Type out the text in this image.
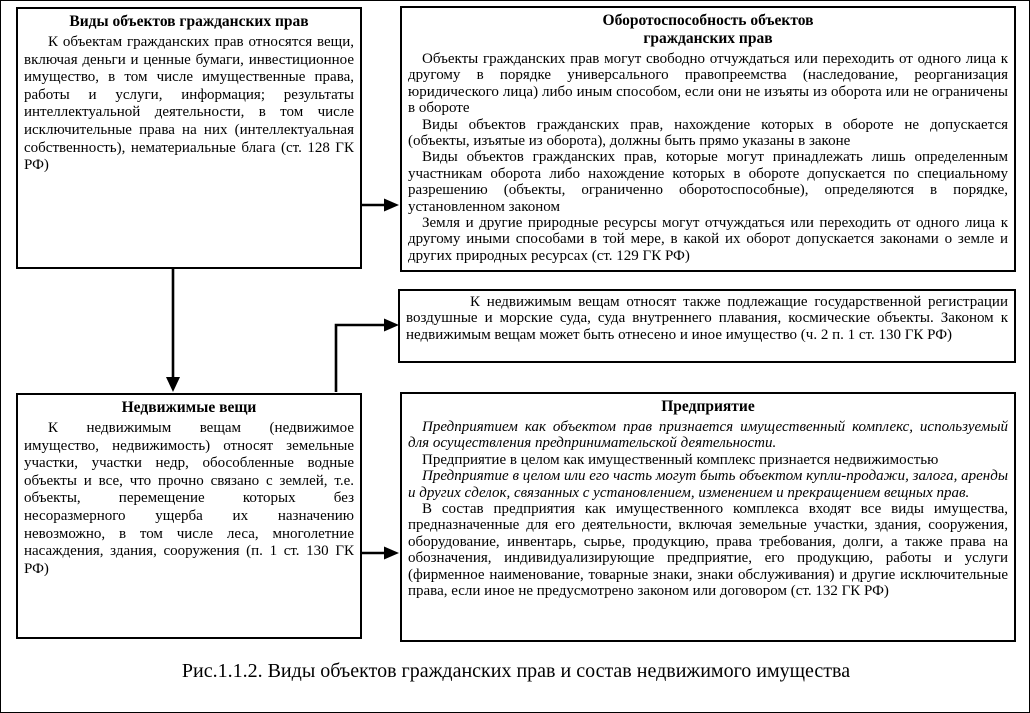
Виды объектов гражданских прав

К объектам гражданских прав относятся вещи, включая деньги и ценные бумаги, инвестиционное имущество, в том числе имущественные права, работы и услуги, информация; результаты интеллектуальной деятельности, в том числе исключительные права на них (интеллектуальная собственность), нематериальные блага (ст. 128 ГК РФ)

Оборотоспособность объектов гражданских прав

Объекты гражданских прав могут свободно отчуждаться или переходить от одного лица к другому в порядке универсального правопреемства (наследование, реорганизация юридического лица) либо иным способом, если они не изъяты из оборота или не ограничены в обороте

Виды объектов гражданских прав, нахождение которых в обороте не допускается (объекты, изъятые из оборота), должны быть прямо указаны в законе

Виды объектов гражданских прав, которые могут принадлежать лишь определенным участникам оборота либо нахождение которых в обороте допускается по специальному разрешению (объекты, ограниченно оборотоспособные), определяются в порядке, установленном законом

Земля и другие природные ресурсы могут отчуждаться или переходить от одного лица к другому иными способами в той мере, в какой их оборот допускается законами о земле и других природных ресурсах (ст. 129 ГК РФ)

К недвижимым вещам относят также подлежащие государственной регистрации воздушные и морские суда, суда внутреннего плавания, космические объекты. Законом к недвижимым вещам может быть отнесено и иное имущество (ч. 2 п. 1 ст. 130 ГК РФ)

Недвижимые вещи

К недвижимым вещам (недвижимое имущество, недвижимость) относят земельные участки, участки недр, обособленные водные объекты и все, что прочно связано с землей, т.е. объекты, перемещение которых без несоразмерного ущерба их назначению невозможно, в том числе леса, многолетние насаждения, здания, сооружения (п. 1 ст. 130 ГК РФ)

Предприятие

Предприятием как объектом прав признается имущественный комплекс, используемый для осуществления предпринимательской деятельности.

Предприятие в целом как имущественный комплекс признается недвижимостью

Предприятие в целом или его часть могут быть объектом купли-продажи, залога, аренды и других сделок, связанных с установлением, изменением и прекращением вещных прав.

В состав предприятия как имущественного комплекса входят все виды имущества, предназначенные для его деятельности, включая земельные участки, здания, сооружения, оборудование, инвентарь, сырье, продукцию, права требования, долги, а также права на обозначения, индивидуализирующие предприятие, его продукцию, работы и услуги (фирменное наименование, товарные знаки, знаки обслуживания) и другие исключительные права, если иное не предусмотрено законом или договором (ст. 132 ГК РФ)

Рис.1.1.2. Виды объектов гражданских прав и состав недвижимого имущества
